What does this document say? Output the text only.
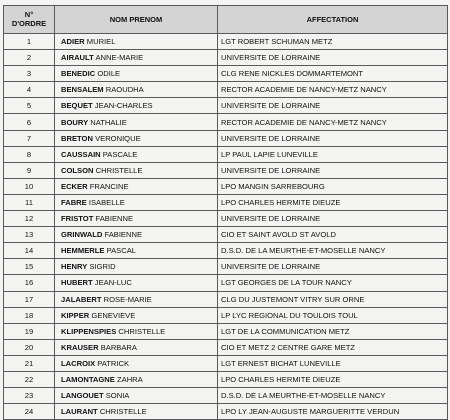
N°
D'ORDRE	NOM PRENOM	AFFECTATION
1	ADIER MURIEL	LGT ROBERT SCHUMAN METZ
2	AIRAULT ANNE-MARIE	UNIVERSITE DE LORRAINE
3	BENEDIC ODILE	CLG RENE NICKLES DOMMARTEMONT
4	BENSALEM RAOUDHA	RECTOR ACADEMIE DE NANCY-METZ NANCY
5	BEQUET JEAN-CHARLES	UNIVERSITE DE LORRAINE
6	BOURY NATHALIE	RECTOR ACADEMIE DE NANCY-METZ NANCY
7	BRETON VERONIQUE	UNIVERSITE DE LORRAINE
8	CAUSSAIN PASCALE	LP PAUL LAPIE LUNEVILLE
9	COLSON CHRISTELLE	UNIVERSITE DE LORRAINE
10	ECKER FRANCINE	LPO MANGIN SARREBOURG
11	FABRE ISABELLE	LPO CHARLES HERMITE DIEUZE
12	FRISTOT FABIENNE	UNIVERSITE DE LORRAINE
13	GRINWALD FABIENNE	CIO ET SAINT AVOLD ST AVOLD
14	HEMMERLE PASCAL	D.S.D. DE LA MEURTHE-ET-MOSELLE NANCY
15	HENRY SIGRID	UNIVERSITE DE LORRAINE
16	HUBERT JEAN-LUC	LGT GEORGES DE LA TOUR NANCY
17	JALABERT ROSE-MARIE	CLG DU JUSTEMONT VITRY SUR ORNE
18	KIPPER GENEVIEVE	LP LYC REGIONAL DU TOULOIS TOUL
19	KLIPPENSPIES CHRISTELLE	LGT DE LA COMMUNICATION METZ
20	KRAUSER BARBARA	CIO ET METZ 2 CENTRE GARE METZ
21	LACROIX PATRICK	LGT ERNEST BICHAT LUNEVILLE
22	LAMONTAGNE ZAHRA	LPO CHARLES HERMITE DIEUZE
23	LANGOUET SONIA	D.S.D. DE LA MEURTHE-ET-MOSELLE NANCY
24	LAURANT CHRISTELLE	LPO LY JEAN-AUGUSTE MARGUERITTE VERDUN
